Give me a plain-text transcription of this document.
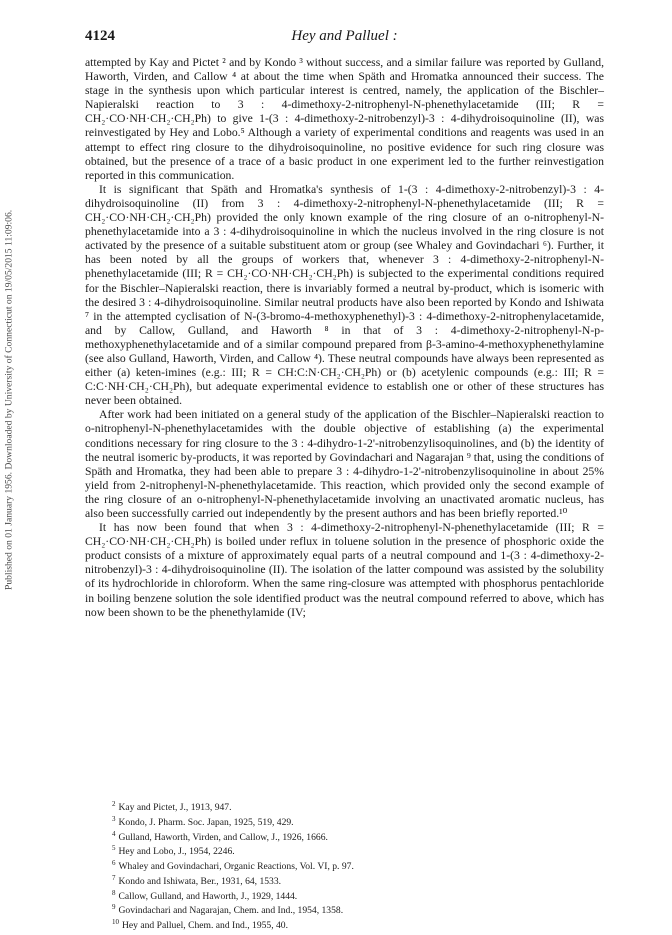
Published on 01 January 1956. Downloaded by University of Connecticut on 19/05/2015 11:09:06.
4124	Hey and Palluel :

attempted by Kay and Pictet ² and by Kondo ³ without success, and a similar failure was reported by Gulland, Haworth, Virden, and Callow ⁴ at about the time when Späth and Hromatka announced their success. The stage in the synthesis upon which particular interest is centred, namely, the application of the Bischler–Napieralski reaction to 3 : 4-dimethoxy-2-nitrophenyl-N-phenethylacetamide (III; R = CH₂·CO·NH·CH₂·CH₂Ph) to give 1-(3 : 4-dimethoxy-2-nitrobenzyl)-3 : 4-dihydroisoquinoline (II), was reinvestigated by Hey and Lobo.⁵ Although a variety of experimental conditions and reagents was used in an attempt to effect ring closure to the dihydroisoquinoline, no positive evidence for such ring closure was obtained, but the presence of a trace of a basic product in one experiment led to the further reinvestigation reported in this communication.

It is significant that Späth and Hromatka's synthesis of 1-(3 : 4-dimethoxy-2-nitrobenzyl)-3 : 4-dihydroisoquinoline (II) from 3 : 4-dimethoxy-2-nitrophenyl-N-phenethylacetamide (III; R = CH₂·CO·NH·CH₂·CH₂Ph) provided the only known example of the ring closure of an o-nitrophenyl-N-phenethylacetamide into a 3 : 4-dihydroisoquinoline in which the nucleus involved in the ring closure is not activated by the presence of a suitable substituent atom or group (see Whaley and Govindachari ⁶). Further, it has been noted by all the groups of workers that, whenever 3 : 4-dimethoxy-2-nitrophenyl-N-phenethylacetamide (III; R = CH₂·CO·NH·CH₂·CH₂Ph) is subjected to the experimental conditions required for the Bischler–Napieralski reaction, there is invariably formed a neutral by-product, which is isomeric with the desired 3 : 4-dihydroisoquinoline. Similar neutral products have also been reported by Kondo and Ishiwata ⁷ in the attempted cyclisation of N-(3-bromo-4-methoxyphenethyl)-3 : 4-dimethoxy-2-nitrophenylacetamide, and by Callow, Gulland, and Haworth ⁸ in that of 3 : 4-dimethoxy-2-nitrophenyl-N-p-methoxyphenethylacetamide and of a similar compound prepared from β-3-amino-4-methoxyphenethylamine (see also Gulland, Haworth, Virden, and Callow ⁴). These neutral compounds have always been represented as either (a) keten-imines (e.g.: III; R = CH:C:N·CH₂·CH₂Ph) or (b) acetylenic compounds (e.g.: III; R = C:C·NH·CH₂·CH₂Ph), but adequate experimental evidence to establish one or other of these structures has never been obtained.

After work had been initiated on a general study of the application of the Bischler–Napieralski reaction to o-nitrophenyl-N-phenethylacetamides with the double objective of establishing (a) the experimental conditions necessary for ring closure to the 3 : 4-dihydro-1-2'-nitrobenzylisoquinolines, and (b) the identity of the neutral isomeric by-products, it was reported by Govindachari and Nagarajan ⁹ that, using the conditions of Späth and Hromatka, they had been able to prepare 3 : 4-dihydro-1-2'-nitrobenzylisoquinoline in about 25% yield from 2-nitrophenyl-N-phenethylacetamide. This reaction, which provided only the second example of the ring closure of an o-nitrophenyl-N-phenethylacetamide involving an unactivated aromatic nucleus, has also been successfully carried out independently by the present authors and has been briefly reported.¹⁰

It has now been found that when 3 : 4-dimethoxy-2-nitrophenyl-N-phenethylacetamide (III; R = CH₂·CO·NH·CH₂·CH₂Ph) is boiled under reflux in toluene solution in the presence of phosphoric oxide the product consists of a mixture of approximately equal parts of a neutral compound and 1-(3 : 4-dimethoxy-2-nitrobenzyl)-3 : 4-dihydroisoquinoline (II). The isolation of the latter compound was assisted by the solubility of its hydrochloride in chloroform. When the same ring-closure was attempted with phosphorus pentachloride in boiling benzene solution the sole identified product was the neutral compound referred to above, which has now been shown to be the phenethylamide (IV;

$^2$ Kay and Pictet, J., 1913, 947.
$^3$ Kondo, J. Pharm. Soc. Japan, 1925, 519, 429.
$^4$ Gulland, Haworth, Virden, and Callow, J., 1926, 1666.
$^5$ Hey and Lobo, J., 1954, 2246.
$^6$ Whaley and Govindachari, Organic Reactions, Vol. VI, p. 97.
$^7$ Kondo and Ishiwata, Ber., 1931, 64, 1533.
$^8$ Callow, Gulland, and Haworth, J., 1929, 1444.
$^9$ Govindachari and Nagarajan, Chem. and Ind., 1954, 1358.
$^{10}$ Hey and Palluel, Chem. and Ind., 1955, 40.
